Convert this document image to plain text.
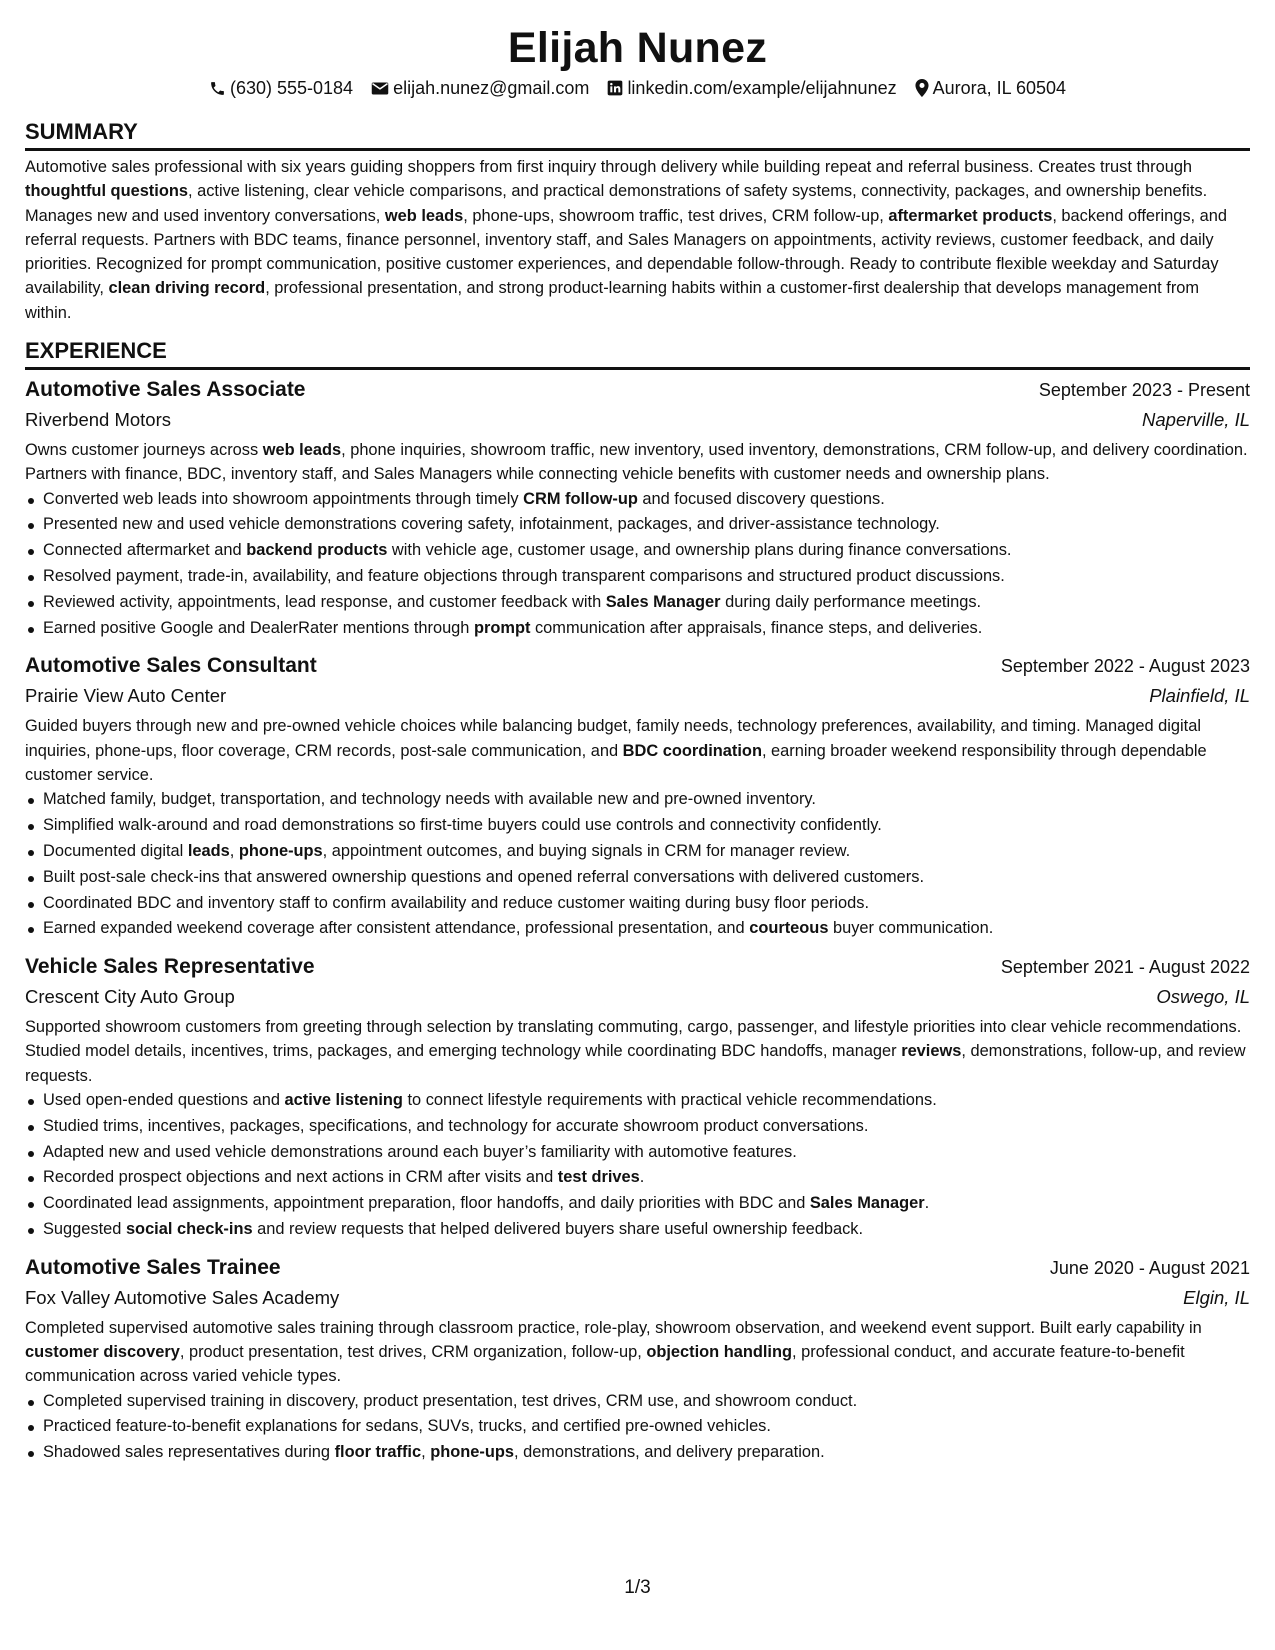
Elijah Nunez
(630) 555-0184 elijah.nunez@gmail.com linkedin.com/example/elijahnunez Aurora, IL 60504
SUMMARY

Automotive sales professional with six years guiding shoppers from first inquiry through delivery while building repeat and referral business. Creates trust through thoughtful questions, active listening, clear vehicle comparisons, and practical demonstrations of safety systems, connectivity, packages, and ownership benefits. Manages new and used inventory conversations, web leads, phone-ups, showroom traffic, test drives, CRM follow-up, aftermarket products, backend offerings, and referral requests. Partners with BDC teams, finance personnel, inventory staff, and Sales Managers on appointments, activity reviews, customer feedback, and daily priorities. Recognized for prompt communication, positive customer experiences, and dependable follow-through. Ready to contribute flexible weekday and Saturday availability, clean driving record, professional presentation, and strong product-learning habits within a customer-first dealership that develops management from within.

EXPERIENCE
Automotive Sales Associate	September 2023 - Present
Riverbend Motors	Naperville, IL
Owns customer journeys across web leads, phone inquiries, showroom traffic, new inventory, used inventory, demonstrations, CRM follow-up, and delivery coordination. Partners with finance, BDC, inventory staff, and Sales Managers while connecting vehicle benefits with customer needs and ownership plans.
Converted web leads into showroom appointments through timely CRM follow-up and focused discovery questions.
Presented new and used vehicle demonstrations covering safety, infotainment, packages, and driver-assistance technology.
Connected aftermarket and backend products with vehicle age, customer usage, and ownership plans during finance conversations.
Resolved payment, trade-in, availability, and feature objections through transparent comparisons and structured product discussions.
Reviewed activity, appointments, lead response, and customer feedback with Sales Manager during daily performance meetings.
Earned positive Google and DealerRater mentions through prompt communication after appraisals, finance steps, and deliveries.
Automotive Sales Consultant	September 2022 - August 2023
Prairie View Auto Center	Plainfield, IL
Guided buyers through new and pre-owned vehicle choices while balancing budget, family needs, technology preferences, availability, and timing. Managed digital inquiries, phone-ups, floor coverage, CRM records, post-sale communication, and BDC coordination, earning broader weekend responsibility through dependable customer service.
Matched family, budget, transportation, and technology needs with available new and pre-owned inventory.
Simplified walk-around and road demonstrations so first-time buyers could use controls and connectivity confidently.
Documented digital leads, phone-ups, appointment outcomes, and buying signals in CRM for manager review.
Built post-sale check-ins that answered ownership questions and opened referral conversations with delivered customers.
Coordinated BDC and inventory staff to confirm availability and reduce customer waiting during busy floor periods.
Earned expanded weekend coverage after consistent attendance, professional presentation, and courteous buyer communication.
Vehicle Sales Representative	September 2021 - August 2022
Crescent City Auto Group	Oswego, IL
Supported showroom customers from greeting through selection by translating commuting, cargo, passenger, and lifestyle priorities into clear vehicle recommendations. Studied model details, incentives, trims, packages, and emerging technology while coordinating BDC handoffs, manager reviews, demonstrations, follow-up, and review requests.
Used open-ended questions and active listening to connect lifestyle requirements with practical vehicle recommendations.
Studied trims, incentives, packages, specifications, and technology for accurate showroom product conversations.
Adapted new and used vehicle demonstrations around each buyer’s familiarity with automotive features.
Recorded prospect objections and next actions in CRM after visits and test drives.
Coordinated lead assignments, appointment preparation, floor handoffs, and daily priorities with BDC and Sales Manager.
Suggested social check-ins and review requests that helped delivered buyers share useful ownership feedback.
Automotive Sales Trainee	June 2020 - August 2021
Fox Valley Automotive Sales Academy	Elgin, IL
Completed supervised automotive sales training through classroom practice, role-play, showroom observation, and weekend event support. Built early capability in customer discovery, product presentation, test drives, CRM organization, follow-up, objection handling, professional conduct, and accurate feature-to-benefit communication across varied vehicle types.
Completed supervised training in discovery, product presentation, test drives, CRM use, and showroom conduct.
Practiced feature-to-benefit explanations for sedans, SUVs, trucks, and certified pre-owned vehicles.
Shadowed sales representatives during floor traffic, phone-ups, demonstrations, and delivery preparation.
1/3
